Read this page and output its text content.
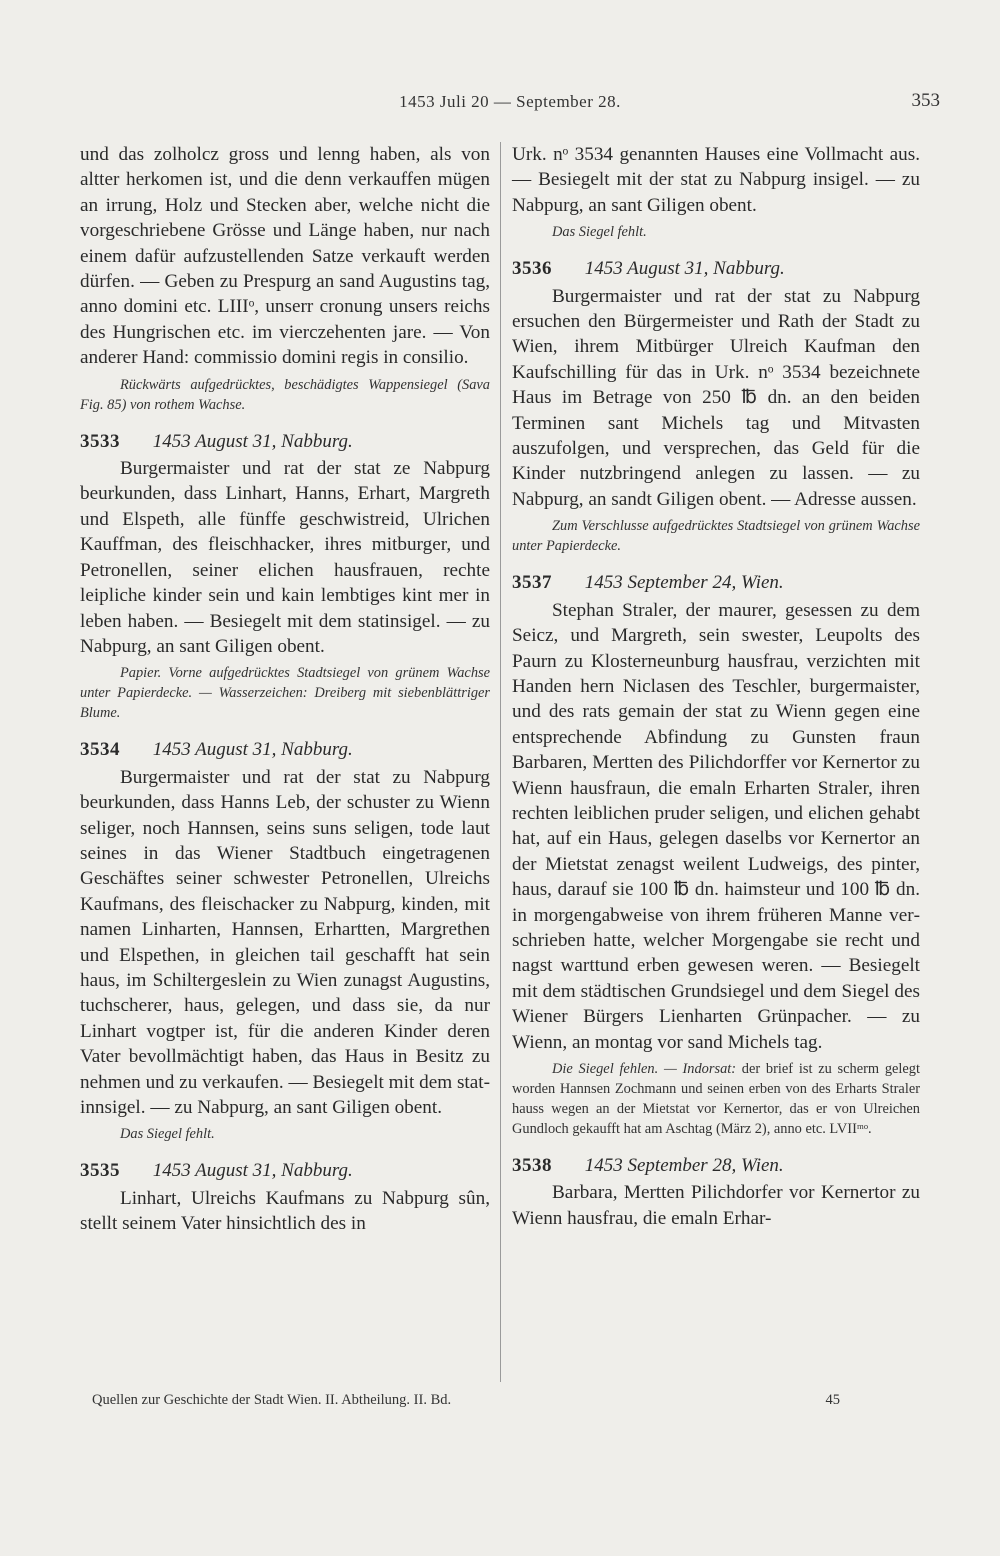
1453 Juli 20 — September 28.	353

und das zolholcz gross und lenng haben, als von altter herkomen ist, und die denn verkauffen mügen an irrung, Holz und Stecken aber, welche nicht die vorgeschriebene Grösse und Länge haben, nur nach einem dafür aufzustellenden Satze verkauft werden dürfen. — Geben zu Prespurg an sand Augustins tag, anno domini etc. LIIIᵒ, unserr cronung unsers reichs des Hungrischen etc. im vierczehenten jare. — Von anderer Hand: commissio domini regis in consilio.

Rückwärts aufgedrücktes, beschädigtes Wappensiegel (Sava Fig. 85) von rothem Wachse.

3533 1453 August 31, Nabburg.

Burgermaister und rat der stat ze Nabpurg beurkunden, dass Linhart, Hanns, Erhart, Margreth und Elspeth, alle fünffe geschwistreid, Ulrichen Kauffman, des fleischhacker, ihres mitburger, und Petronellen, seiner elichen hausfrauen, rechte leipliche kinder sein und kain lembtiges kint mer in leben haben. — Besiegelt mit dem statinsigel. — zu Nabpurg, an sant Giligen obent.

Papier. Vorne aufgedrücktes Stadtsiegel von grünem Wachse unter Papierdecke. — Wasserzeichen: Dreiberg mit siebenblättriger Blume.

3534 1453 August 31, Nabburg.

Burgermaister und rat der stat zu Nabpurg beurkunden, dass Hanns Leb, der schuster zu Wienn seliger, noch Hannsen, seins suns seligen, tode laut seines in das Wiener Stadtbuch eingetragenen Geschäftes seiner schwester Petronellen, Ulreichs Kaufmans, des fleischacker zu Nabpurg, kinden, mit namen Linharten, Hannsen, Erhartten, Margrethen und Elspethen, in gleichen tail geschafft hat sein haus, im Schiltergeslein zu Wien zunagst Augustins, tuchscherer, haus, gelegen, und dass sie, da nur Linhart vogtper ist, für die anderen Kinder deren Vater bevollmächtigt haben, das Haus in Besitz zu nehmen und zu verkaufen. — Besiegelt mit dem statinnsigel. — zu Nabpurg, an sant Giligen obent.

Das Siegel fehlt.

3535 1453 August 31, Nabburg.

Linhart, Ulreichs Kaufmans zu Nabpurg sûn, stellt seinem Vater hinsichtlich des in

Urk. nᵒ 3534 genannten Hauses eine Vollmacht aus. — Besiegelt mit der stat zu Nabpurg insigel. — zu Nabpurg, an sant Giligen obent.

Das Siegel fehlt.

3536 1453 August 31, Nabburg.

Burgermaister und rat der stat zu Nabpurg ersuchen den Bürgermeister und Rath der Stadt zu Wien, ihrem Mitbürger Ulreich Kaufman den Kaufschilling für das in Urk. nᵒ 3534 bezeichnete Haus im Betrage von 250 ℔ dn. an den beiden Terminen sant Michels tag und Mitvasten auszufolgen, und versprechen, das Geld für die Kinder nutzbringend anlegen zu lassen. — zu Nabpurg, an sandt Giligen obent. — Adresse aussen.

Zum Verschlusse aufgedrücktes Stadtsiegel von grünem Wachse unter Papierdecke.

3537 1453 September 24, Wien.

Stephan Straler, der maurer, gesessen zu dem Seicz, und Margreth, sein swester, Leupolts des Paurn zu Klosterneunburg hausfrau, verzichten mit Handen hern Niclasen des Teschler, burgermaister, und des rats gemain der stat zu Wienn gegen eine entsprechende Abfindung zu Gunsten fraun Barbaren, Mertten des Pilichdorffer vor Kernertor zu Wienn hausfraun, die emaln Erharten Straler, ihren rechten leiblichen pruder seligen, und elichen gehabt hat, auf ein Haus, gelegen daselbs vor Kernertor an der Mietstat zenagst weilent Ludweigs, des pinter, haus, darauf sie 100 ℔ dn. haimsteur und 100 ℔ dn. in morgengabweise von ihrem früheren Manne verschrieben hatte, welcher Morgengabe sie recht und nagst warttund erben gewesen weren. — Besiegelt mit dem städtischen Grundsiegel und dem Siegel des Wiener Bürgers Lienharten Grünpacher. — zu Wienn, an montag vor sand Michels tag.

Die Siegel fehlen. — Indorsat: der brief ist zu scherm gelegt worden Hannsen Zochmann und seinen erben von des Erharts Straler hauss wegen an der Mietstat vor Kernertor, das er von Ulreichen Gundloch gekaufft hat am Aschtag (März 2), anno etc. LVIIᵐᵒ.

3538 1453 September 28, Wien.

Barbara, Mertten Pilichdorfer vor Kernertor zu Wienn hausfrau, die emaln Erhar-

Quellen zur Geschichte der Stadt Wien. II. Abtheilung. II. Bd.	45
